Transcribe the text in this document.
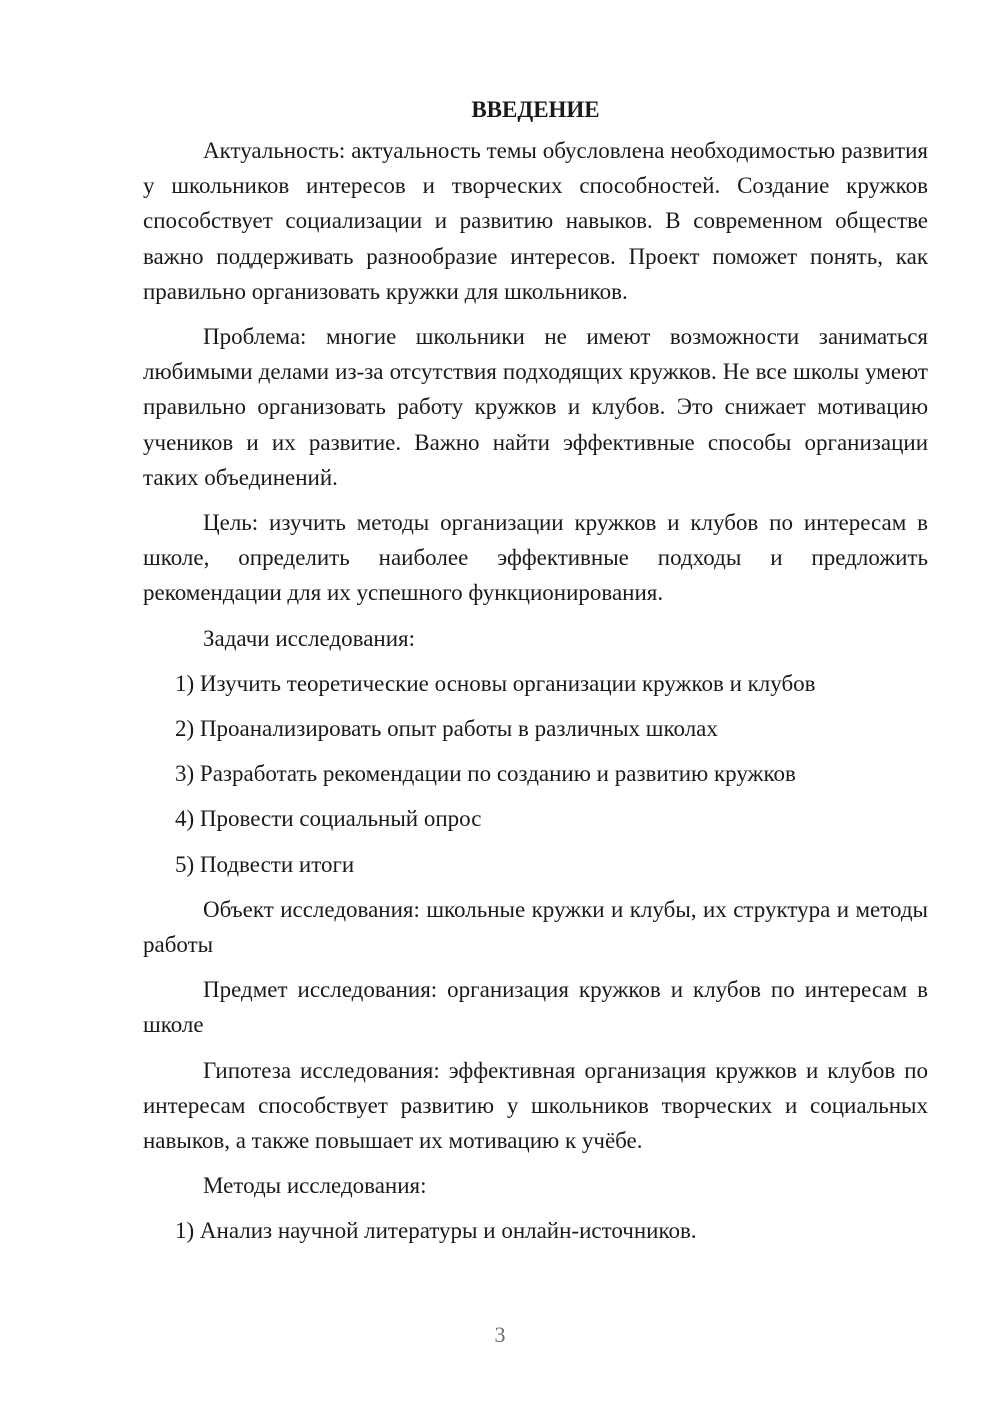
ВВЕДЕНИЕ

Актуальность: актуальность темы обусловлена необходимостью развития у школьников интересов и творческих способностей. Создание кружков способствует социализации и развитию навыков. В современном обществе важно поддерживать разнообразие интересов. Проект поможет понять, как правильно организовать кружки для школьников.

Проблема: многие школьники не имеют возможности заниматься любимыми делами из-за отсутствия подходящих кружков. Не все школы умеют правильно организовать работу кружков и клубов. Это снижает мотивацию учеников и их развитие. Важно найти эффективные способы организации таких объединений.

Цель: изучить методы организации кружков и клубов по интересам в школе, определить наиболее эффективные подходы и предложить рекомендации для их успешного функционирования.

Задачи исследования:

1) Изучить теоретические основы организации кружков и клубов
2) Проанализировать опыт работы в различных школах
3) Разработать рекомендации по созданию и развитию кружков
4) Провести социальный опрос
5) Подвести итоги

Объект исследования: школьные кружки и клубы, их структура и методы работы

Предмет исследования: организация кружков и клубов по интересам в школе

Гипотеза исследования: эффективная организация кружков и клубов по интересам способствует развитию у школьников творческих и социальных навыков, а также повышает их мотивацию к учёбе.

Методы исследования:

1) Анализ научной литературы и онлайн-источников.
3
